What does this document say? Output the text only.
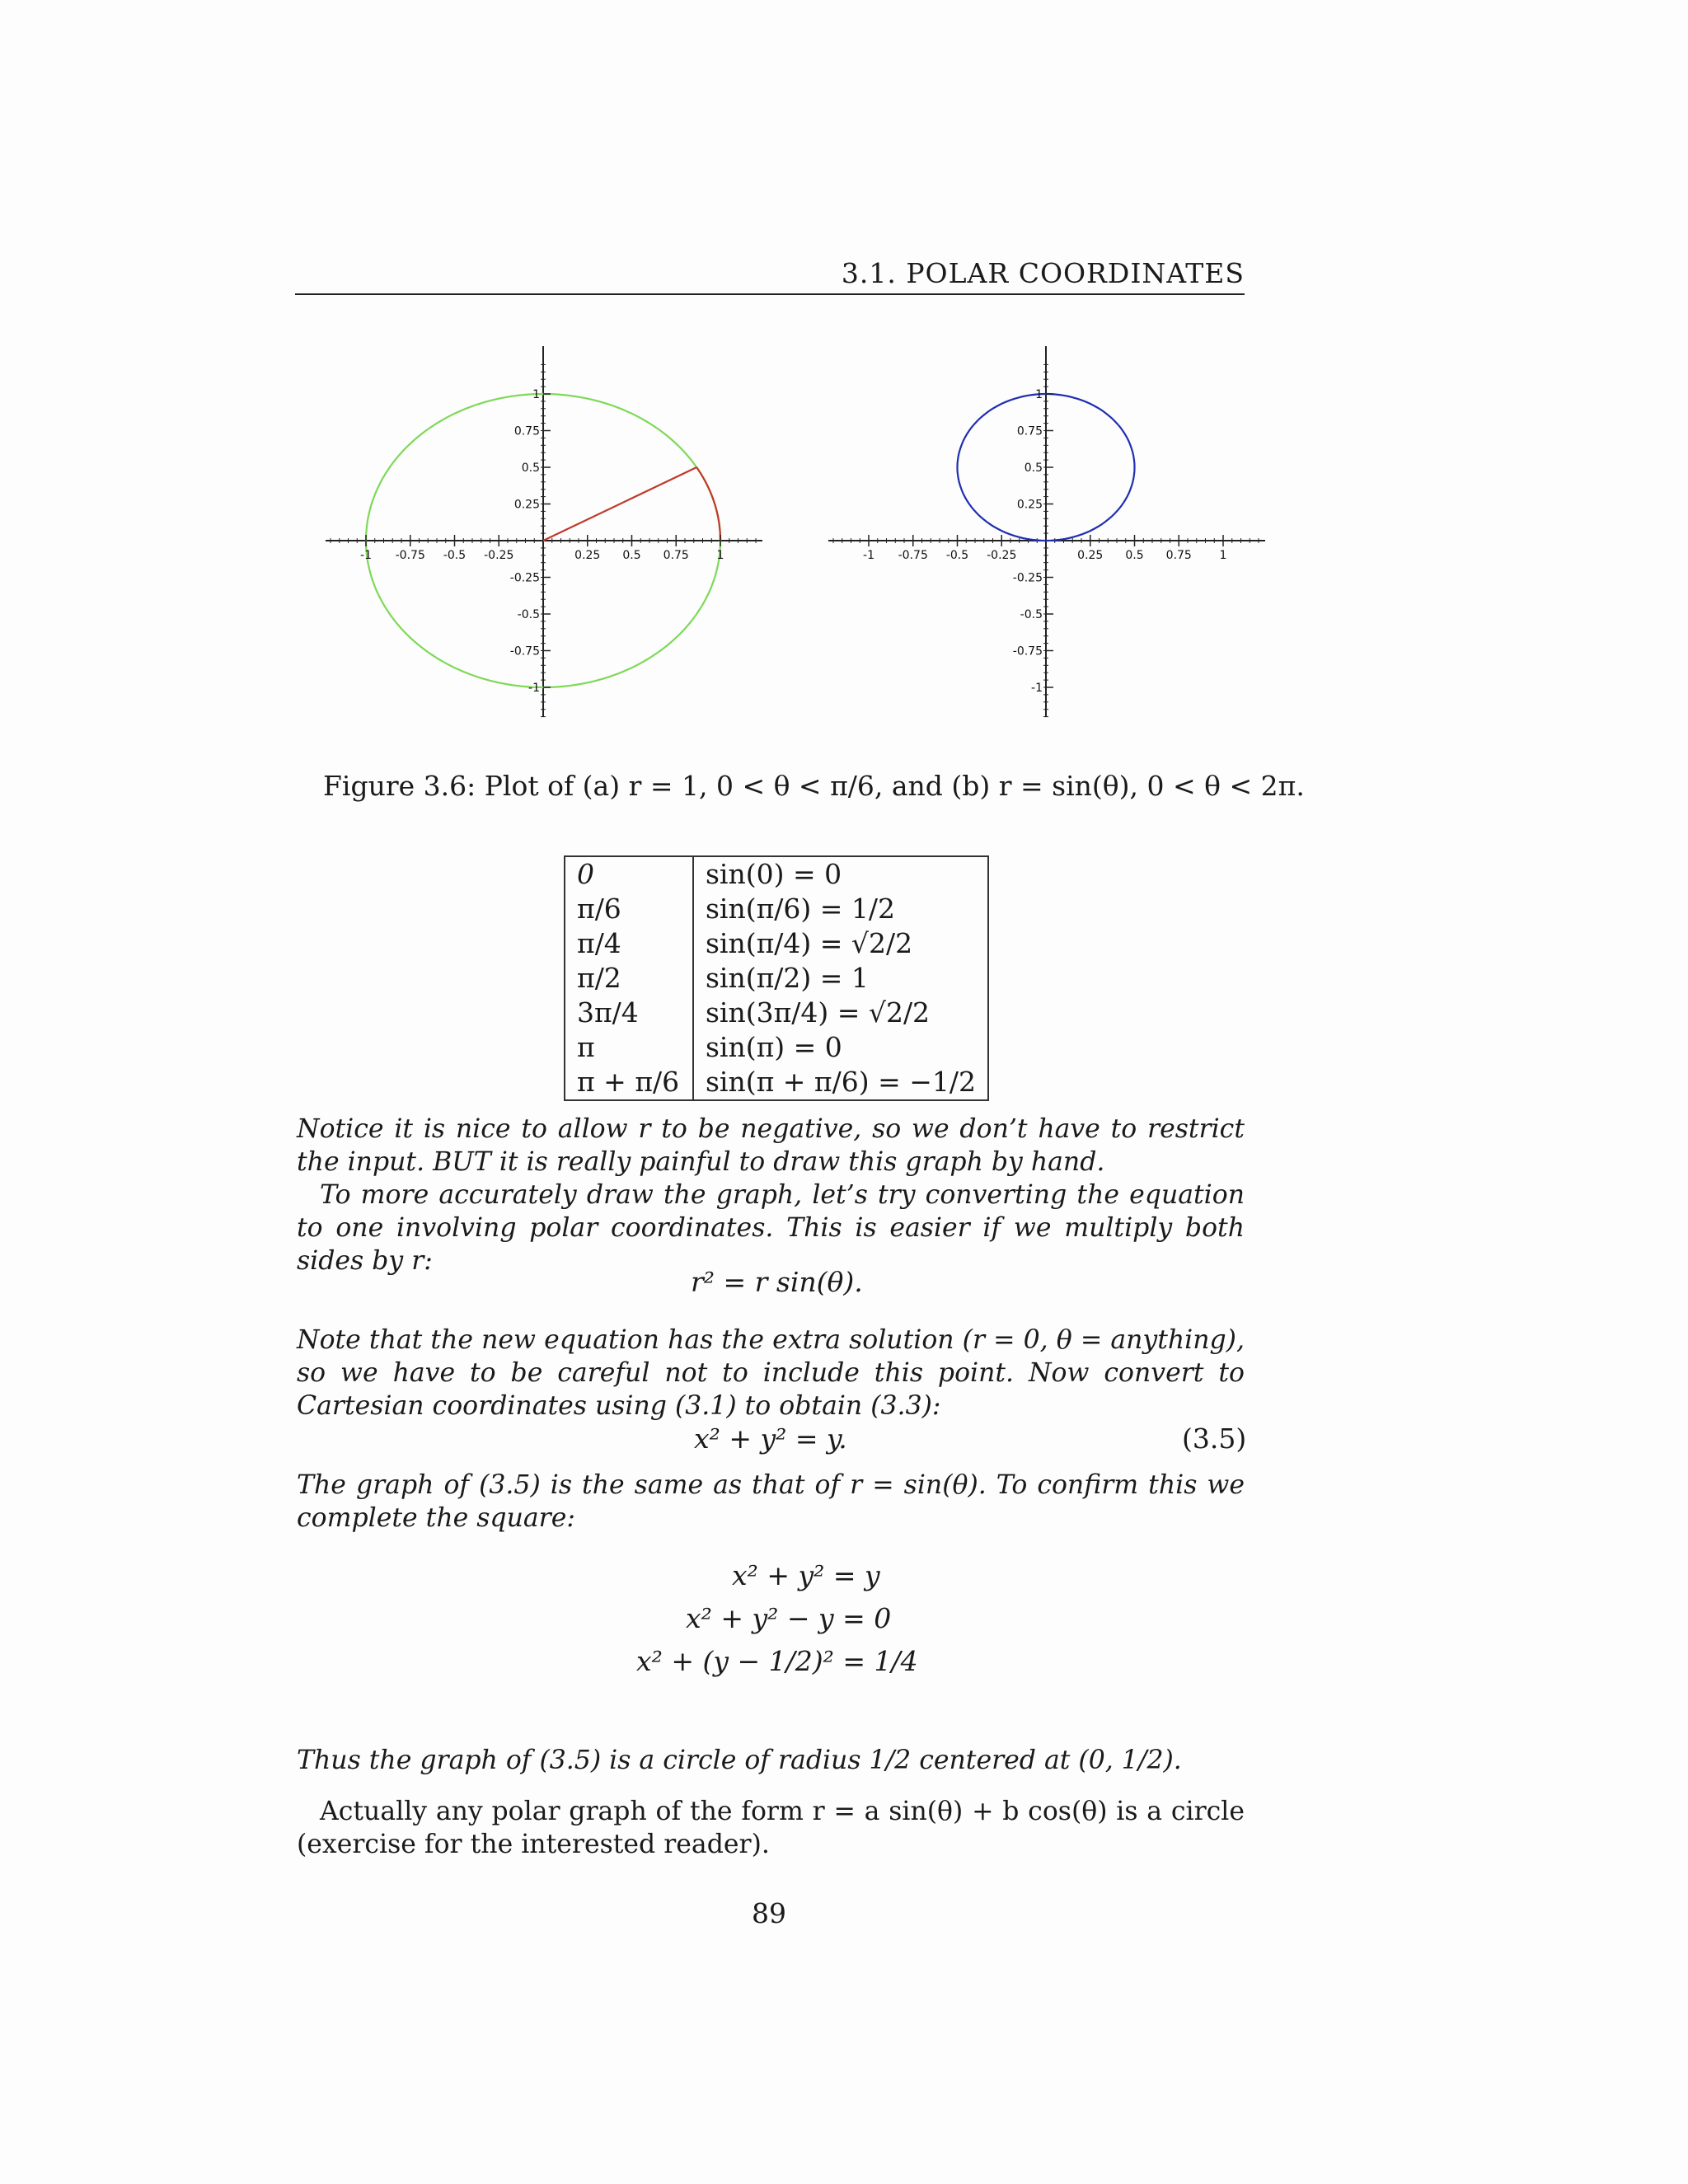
3.1. POLAR COORDINATES
-1 -0.75 -0.5 -0.25	0.25 0.5 0.75 1
-1
-0.75
-0.5
-0.25
0.25
0.5
0.75
1
-1 -0.75 -0.5 -0.25	0.25 0.5 0.75 1
-1
-0.75
-0.5
-0.25
0.25
0.5
0.75
1
Figure 3.6: Plot of (a) r = 1, 0 < θ < π/6, and (b) r = sin(θ), 0 < θ < 2π.
0	sin(0) = 0
π/6	sin(π/6) = 1/2
π/4	sin(π/4) = √2/2
π/2	sin(π/2) = 1
3π/4	sin(3π/4) = √2/2
π	sin(π) = 0
π + π/6	sin(π + π/6) = −1/2

Notice it is nice to allow r to be negative, so we don’t have to restrict the input. BUT it is really painful to draw this graph by hand.

To more accurately draw the graph, let’s try converting the equation to one involving polar coordinates. This is easier if we multiply both sides by r:

r² = r sin(θ).

Note that the new equation has the extra solution (r = 0, θ = anything), so we have to be careful not to include this point. Now convert to Cartesian coordinates using (3.1) to obtain (3.3):

x² + y² = y.	(3.5)

The graph of (3.5) is the same as that of r = sin(θ). To confirm this we complete the square:

x² + y² = y
x² + y² − y = 0
x² + (y − 1/2)² = 1/4

Thus the graph of (3.5) is a circle of radius 1/2 centered at (0, 1/2).

Actually any polar graph of the form r = a sin(θ) + b cos(θ) is a circle (exercise for the interested reader).

89
